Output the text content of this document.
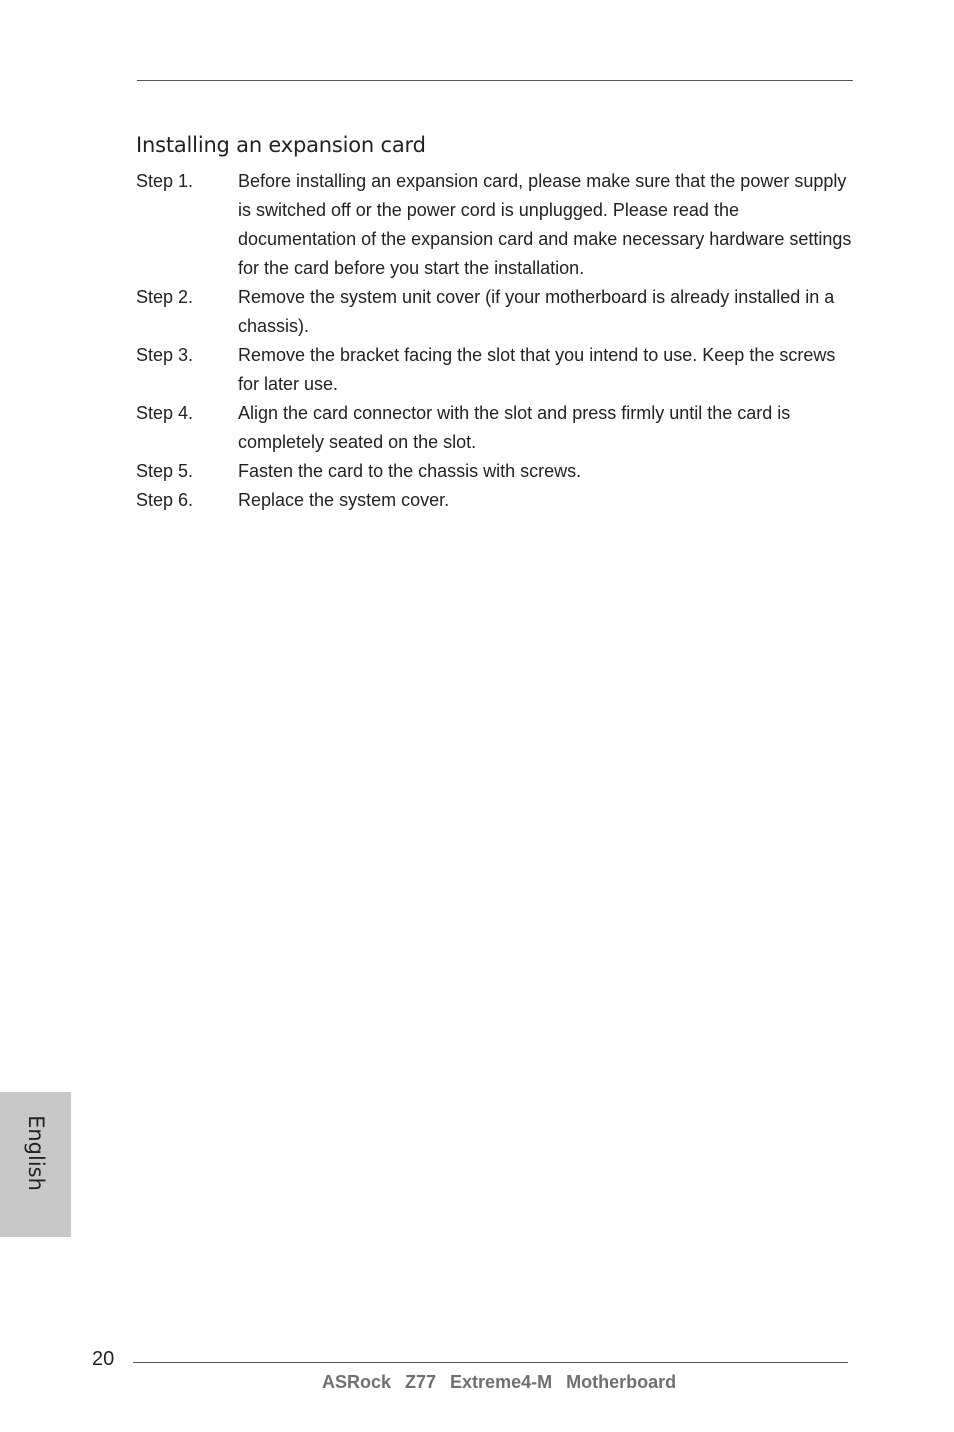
Installing an expansion card
Step 1.	Before installing an expansion card, please make sure that the power supply is switched off or the power cord is unplugged. Please read the documentation of the expansion card and make necessary hardware settings for the card before you start the installation.
Step 2.	Remove the system unit cover (if your motherboard is already installed in a chassis).
Step 3.	Remove the bracket facing the slot that you intend to use. Keep the screws for later use.
Step 4.	Align the card connector with the slot and press firmly until the card is completely seated on the slot.
Step 5.	Fasten the card to the chassis with screws.
Step 6.	Replace the system cover.
English
20
ASRock  Z77  Extreme4-M  Motherboard
